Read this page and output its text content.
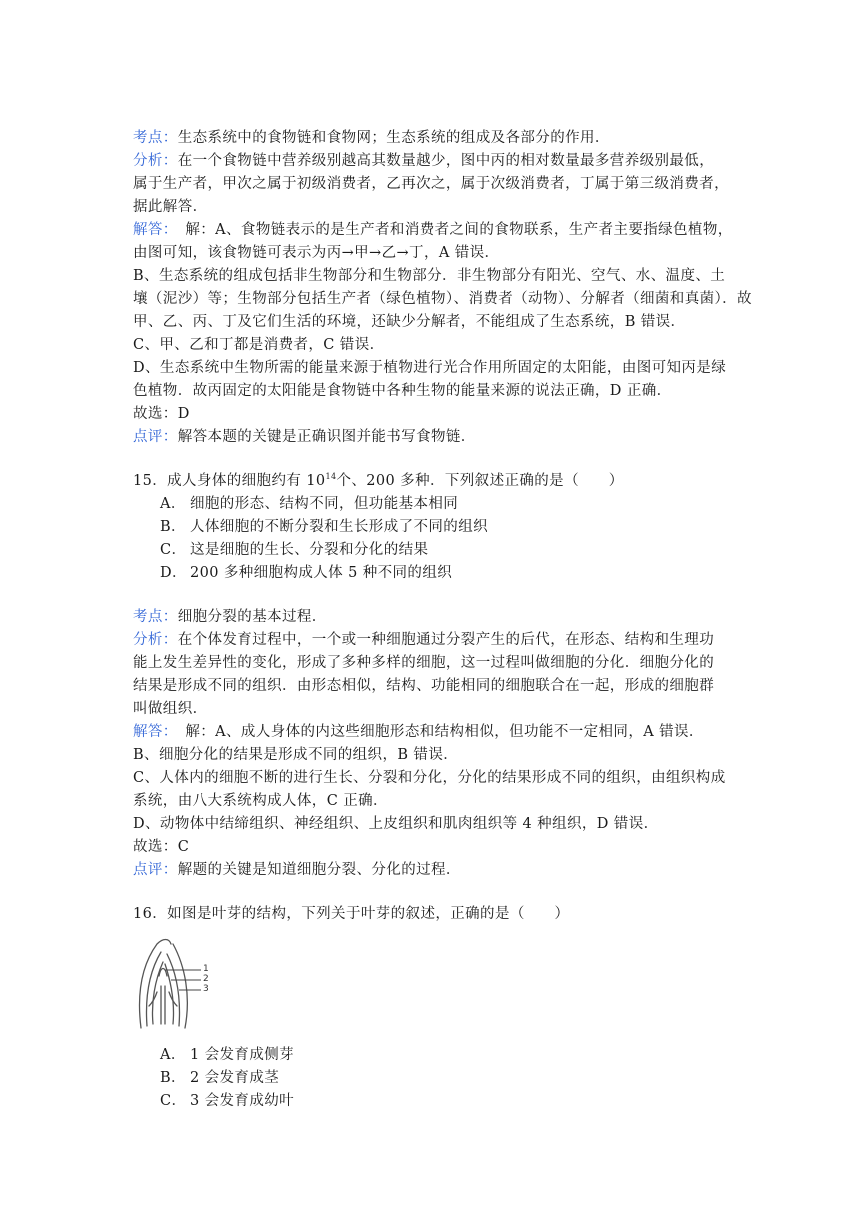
考点：生态系统中的食物链和食物网；生态系统的组成及各部分的作用．
分析：在一个食物链中营养级别越高其数量越少，图中丙的相对数量最多营养级别最低，
属于生产者，甲次之属于初级消费者，乙再次之，属于次级消费者，丁属于第三级消费者，
据此解答．
解答：　解：A、食物链表示的是生产者和消费者之间的食物联系，生产者主要指绿色植物，
由图可知，该食物链可表示为丙→甲→乙→丁，A 错误．
B、生态系统的组成包括非生物部分和生物部分．非生物部分有阳光、空气、水、温度、土
壤（泥沙）等；生物部分包括生产者（绿色植物）、消费者（动物）、分解者（细菌和真菌）．故
甲、乙、丙、丁及它们生活的环境，还缺少分解者，不能组成了生态系统，B 错误．
C、甲、乙和丁都是消费者，C 错误．
D、生态系统中生物所需的能量来源于植物进行光合作用所固定的太阳能，由图可知丙是绿
色植物．故丙固定的太阳能是食物链中各种生物的能量来源的说法正确，D 正确．
故选：D
点评：解答本题的关键是正确识图并能书写食物链．
15．成人身体的细胞约有 $10^{14}$个、200 多种．下列叙述正确的是（　　）
A． 细胞的形态、结构不同，但功能基本相同
B． 人体细胞的不断分裂和生长形成了不同的组织
C． 这是细胞的生长、分裂和分化的结果
D． 200 多种细胞构成人体 5 种不同的组织
考点：细胞分裂的基本过程．
分析：在个体发育过程中，一个或一种细胞通过分裂产生的后代，在形态、结构和生理功
能上发生差异性的变化，形成了多种多样的细胞，这一过程叫做细胞的分化．细胞分化的
结果是形成不同的组织．由形态相似，结构、功能相同的细胞联合在一起，形成的细胞群
叫做组织．
解答：　解：A、成人身体的内这些细胞形态和结构相似，但功能不一定相同，A 错误．
B、细胞分化的结果是形成不同的组织，B 错误．
C、人体内的细胞不断的进行生长、分裂和分化，分化的结果形成不同的组织，由组织构成
系统，由八大系统构成人体，C 正确．
D、动物体中结缔组织、神经组织、上皮组织和肌肉组织等 4 种组织，D 错误．
故选：C
点评：解题的关键是知道细胞分裂、分化的过程．
16．如图是叶芽的结构，下列关于叶芽的叙述，正确的是（　　）
1
2
3
A． 1 会发育成侧芽
B． 2 会发育成茎
C． 3 会发育成幼叶
